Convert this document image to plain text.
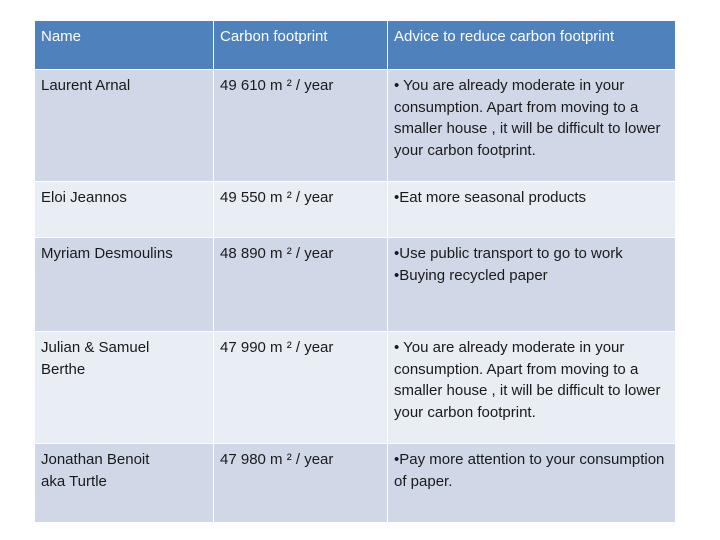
Name	Carbon footprint	Advice to reduce carbon footprint

Laurent Arnal	49 610 m ² / year	• You are already moderate in your consumption. Apart from moving to a smaller house , it will be difficult to lower your carbon footprint.

Eloi Jeannos	49 550 m ² / year	•Eat more seasonal products

Myriam Desmoulins	48 890 m ² / year	•Use public transport to go to work
•Buying recycled paper

Julian & Samuel
Berthe	47 990 m ² / year	• You are already moderate in your consumption. Apart from moving to a smaller house , it will be difficult to lower your carbon footprint.

Jonathan Benoit
aka Turtle	47 980 m ² / year	•Pay more attention to your consumption of paper.
